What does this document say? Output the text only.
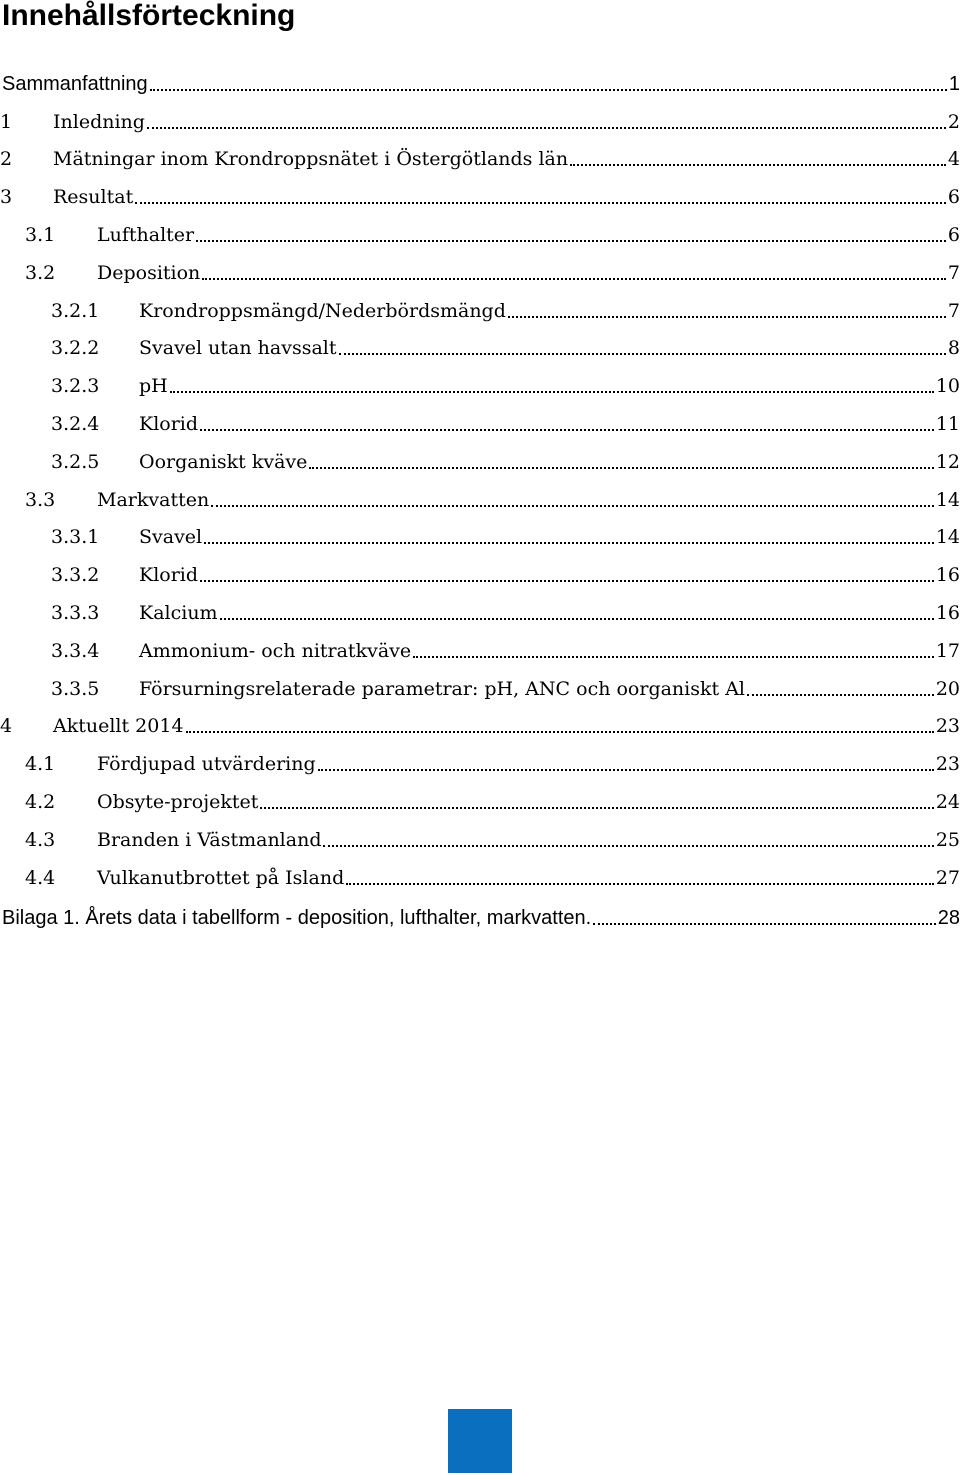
Innehållsförteckning
Sammanfattning	1
1	Inledning	2
2	Mätningar inom Krondroppsnätet i Östergötlands län	4
3	Resultat	6
3.1	Lufthalter	6
3.2	Deposition	7
3.2.1	Krondroppsmängd/Nederbördsmängd	7
3.2.2	Svavel utan havssalt	8
3.2.3	pH	10
3.2.4	Klorid	11
3.2.5	Oorganiskt kväve	12
3.3	Markvatten	14
3.3.1	Svavel	14
3.3.2	Klorid	16
3.3.3	Kalcium	16
3.3.4	Ammonium- och nitratkväve	17
3.3.5	Försurningsrelaterade parametrar: pH, ANC och oorganiskt Al	20
4	Aktuellt 2014	23
4.1	Fördjupad utvärdering	23
4.2	Obsyte-projektet	24
4.3	Branden i Västmanland	25
4.4	Vulkanutbrottet på Island	27
Bilaga 1. Årets data i tabellform - deposition, lufthalter, markvatten.	28
